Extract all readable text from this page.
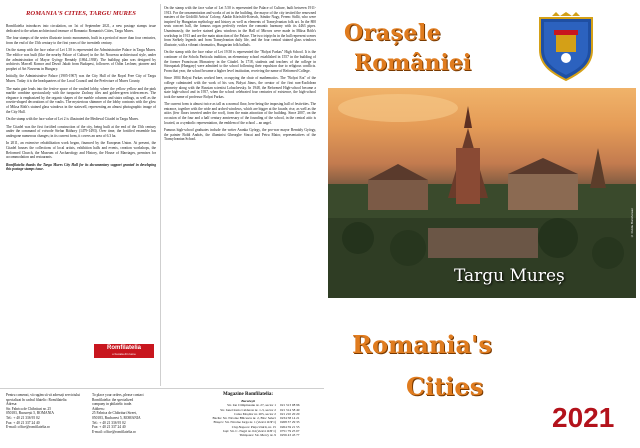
ROMANIA'S CITIES, TARGU MURES

Romfilatelia introduces into circulation, on 1st of September 2021, a new postage stamps issue dedicated to the urban architectural treasure of Romania: Romania's Cities, Targu Mures.

The four stamps of the series illustrate iconic monuments, built in a period of more than four centuries, from the end of the 15th century to the first years of the twentieth century.

On the stamp with the face value of Lei 1.50 is represented the Administrative Palace in Targu Mures. The edifice was built (like the nearby Palace of Culture) in the Art Nouveau architectural style, under the administration of Mayor György Bernády (1864–1938). The building plan was designed by architects Marcell Komor and Dezső Jakab from Budapest, followers of Ödön Lechner, pioneer and prophet of Art Nouveau in Hungary.

Initially, the Administrative Palace (1905-1907) was the City Hall of the Royal Free City of Targu Mures. Today it is the headquarters of the Local Council and the Prefecture of Mures County.

The main gate leads into the festive space of the vaulted lobby, where the yellow yellow and the pink marble combine spectacularly with the turquoise Zsolnay tiles and golden-green iridescences. The elegance is emphasized by the organic shapes of the marble columns and stairs railings, as well as the rosette-shaped decorations of the vaults. The mysterious shimmer of the lobby contrasts with the glow of Miksa Róth's stained glass windows in the stairwell, representing an almost photographic image of the City Hall.

On the stamp with the face value of Lei 2 is illustrated the Medieval Citadel in Targu Mures.

The Citadel was the first fortified construction of the city, being built at the end of the 15th century under the command of voivode Stefan Báthory (1479-1493). Over time, the fortified ensemble has undergone numerous changes; in its current form, it covers an area of 6.3 ha.

In 2011, an extensive rehabilitation work began, financed by the European Union. At present, the Citadel houses the collections of local artists, exhibition halls and events, creation workshops, the Reformed Church, the Museum of Archaeology and History, the House of Marriages, premises for accommodation and restaurants.

Romfilatelia thanks the Targu Mures City Hall for its documentary support granted in developing this postage stamps issue.

Romfilatelia
o bucata din lume

On the stamp with the face value of Lei 5.50 is represented the Palace of Culture, built between 1911-1913. For the ornamentation and works of art in the building, the mayor of the city invited the renowned masters of the Gödöllő Artists' Colony, Aladár Körösfői-Kriesch, Sándor Nagy, Ferenc Sidló, who were inspired by Hungarian mythology and history as well as elements of Transylvanian folk art. In the 800 seats concert hall, the famous organ perfectly evokes the romantic harmony with its 4463 pipes. Unanimously, the twelve stained glass windows in the Hall of Mirrors were made in Miksa Róth's workshop in 1913 and are the main attraction of the Palace. The two triptychs in the hall represent scenes from Székely legends and from Transylvanian daily life, and the four central stained glass windows illustrate, with a vibrant chromatics, Hungarian folk ballads.

On the stamp with the face value of Lei 19.50 is represented the "Bolyai Farkas" High School. It is the continuer of the Schola Particula tradition, an elementary school established in 1557 in the building of the former Franciscan Monastery in the Citadel. In 1718, students and teachers of the college in Sárospatak (Hungary) were admitted to the school following their expulsion due to religious conflicts. From that year, the school became a higher level institution, receiving the name of Reformed College.

Since 1804 Bolyai Farkas worked here, occupying the chair of mathematics. The "Bolyai Era" of the college culminated with the work of his son, Bolyai János, the creator of the first non-Euclidean geometry along with the Russian scientist Lobachevsky. In 1948, the Reformed High-school became a state high-school and in 1957, when the school celebrated four centuries of existence, the high-school took the name of professor Bolyai Farkas.

The current form is almost twice as tall as a normal floor, here being the imposing hall of festivities. The entrance, together with the wide and arched windows, which are bigger at the facade, rise, as well as the attics (few floors inserted under the roof), form the main attraction of the building. Since 2007, on the occasion of the four and a half century anniversary of the founding of the school, in the central attic is located, as a symbolic representation, the emblem of the school – an angel.

Famous high-school graduates include the writer Aranka György, the pro-war mayor Bernády György, the painter Boldi András, the illuminist Gheorghe Sincai and Petru Maior, representatives of the Transylvanian School.

Pentru comenzi, vă rugăm să vă adresați serviciului specializat în cadrul filatelic: Romfilatelia
Adresa:
Str. Fabrica de Chibrituri nr. 25
050183, București 5, ROMANIA
Tel.: + 40 21 336 95 02
Fax: + 40 21 337 24 40
E-mail: office@romfilatelia.ro
To place your orders, please contact
Romfilatelia: the specialized
company in philatelic trade.
Address:
25 Fabrica de Chibrituri Street,
050183, Bucharest 5, ROMANIA
Tel.: + 40 21 336 95 02
Fax: + 40 21 337 24 40
E-mail: office@romfilatelia.ro
Magazine Romfilatelia:
București
Str. Ion Câmpineanu nr. 27, sector 1	021 313 08 96
Str. Ionel Ionio Calderon nr. 1-3, sector 2	021 314 58 49
Calea Moșilor nr. 205, sector 2	021 210 20 20
Bacău: Str. Nicolae Bălcescu nr. 2, Bloc Select	0234 58 14 21
Brașov: Str. Nicolae Iorga nr. 1 (vizavi OJP 1)	0268 37 29 33
Cluj-Napoca: Piața Unirii, nr. 15	0264 59 21 55
Iași: Str. C. Negri nr. 64 (vizavi OJP 1)	0751 79 25 07
Timișoara: Str. Mercy nr. 9	0256 43 43 77
Orașele
României
Targu Mureș
© Ovidiu Bocshorean
Romania's
Cities
2021
